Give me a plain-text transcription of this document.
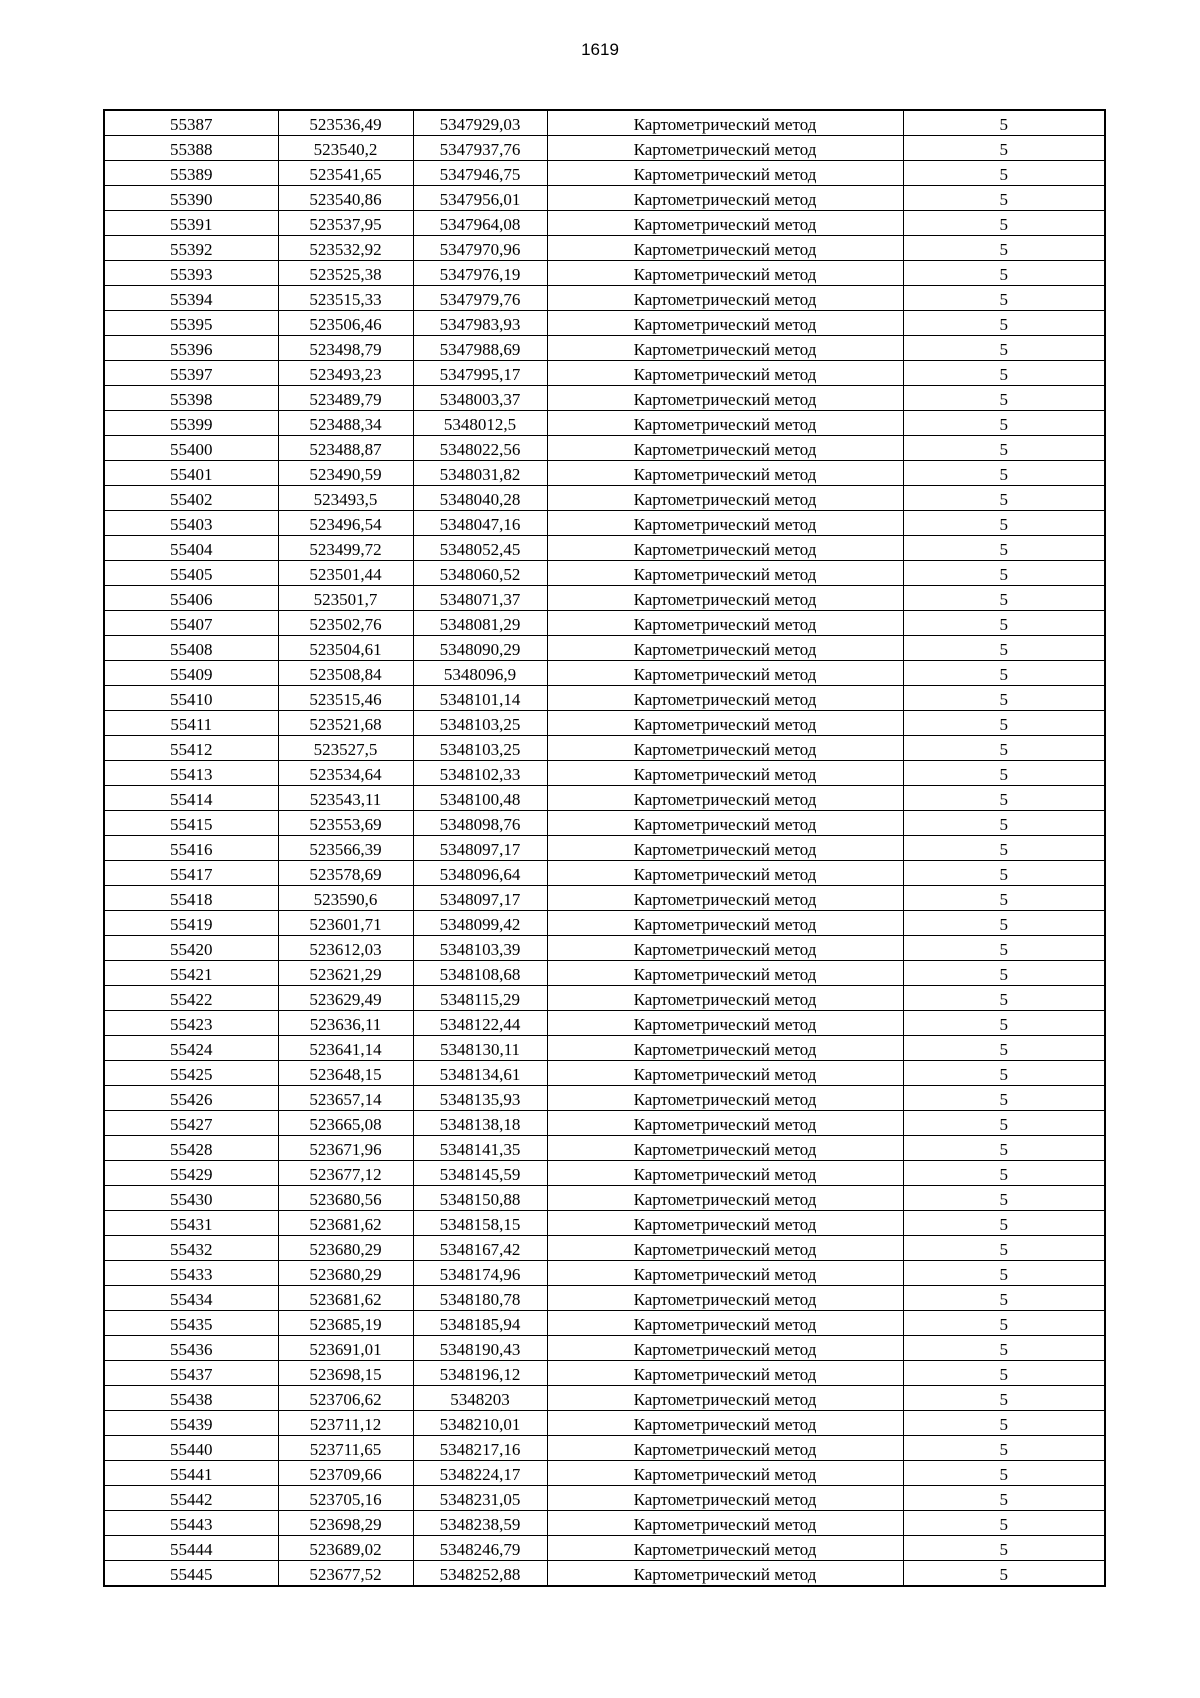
1619
55387	523536,49	5347929,03	Картометрический метод	5
55388	523540,2	5347937,76	Картометрический метод	5
55389	523541,65	5347946,75	Картометрический метод	5
55390	523540,86	5347956,01	Картометрический метод	5
55391	523537,95	5347964,08	Картометрический метод	5
55392	523532,92	5347970,96	Картометрический метод	5
55393	523525,38	5347976,19	Картометрический метод	5
55394	523515,33	5347979,76	Картометрический метод	5
55395	523506,46	5347983,93	Картометрический метод	5
55396	523498,79	5347988,69	Картометрический метод	5
55397	523493,23	5347995,17	Картометрический метод	5
55398	523489,79	5348003,37	Картометрический метод	5
55399	523488,34	5348012,5	Картометрический метод	5
55400	523488,87	5348022,56	Картометрический метод	5
55401	523490,59	5348031,82	Картометрический метод	5
55402	523493,5	5348040,28	Картометрический метод	5
55403	523496,54	5348047,16	Картометрический метод	5
55404	523499,72	5348052,45	Картометрический метод	5
55405	523501,44	5348060,52	Картометрический метод	5
55406	523501,7	5348071,37	Картометрический метод	5
55407	523502,76	5348081,29	Картометрический метод	5
55408	523504,61	5348090,29	Картометрический метод	5
55409	523508,84	5348096,9	Картометрический метод	5
55410	523515,46	5348101,14	Картометрический метод	5
55411	523521,68	5348103,25	Картометрический метод	5
55412	523527,5	5348103,25	Картометрический метод	5
55413	523534,64	5348102,33	Картометрический метод	5
55414	523543,11	5348100,48	Картометрический метод	5
55415	523553,69	5348098,76	Картометрический метод	5
55416	523566,39	5348097,17	Картометрический метод	5
55417	523578,69	5348096,64	Картометрический метод	5
55418	523590,6	5348097,17	Картометрический метод	5
55419	523601,71	5348099,42	Картометрический метод	5
55420	523612,03	5348103,39	Картометрический метод	5
55421	523621,29	5348108,68	Картометрический метод	5
55422	523629,49	5348115,29	Картометрический метод	5
55423	523636,11	5348122,44	Картометрический метод	5
55424	523641,14	5348130,11	Картометрический метод	5
55425	523648,15	5348134,61	Картометрический метод	5
55426	523657,14	5348135,93	Картометрический метод	5
55427	523665,08	5348138,18	Картометрический метод	5
55428	523671,96	5348141,35	Картометрический метод	5
55429	523677,12	5348145,59	Картометрический метод	5
55430	523680,56	5348150,88	Картометрический метод	5
55431	523681,62	5348158,15	Картометрический метод	5
55432	523680,29	5348167,42	Картометрический метод	5
55433	523680,29	5348174,96	Картометрический метод	5
55434	523681,62	5348180,78	Картометрический метод	5
55435	523685,19	5348185,94	Картометрический метод	5
55436	523691,01	5348190,43	Картометрический метод	5
55437	523698,15	5348196,12	Картометрический метод	5
55438	523706,62	5348203	Картометрический метод	5
55439	523711,12	5348210,01	Картометрический метод	5
55440	523711,65	5348217,16	Картометрический метод	5
55441	523709,66	5348224,17	Картометрический метод	5
55442	523705,16	5348231,05	Картометрический метод	5
55443	523698,29	5348238,59	Картометрический метод	5
55444	523689,02	5348246,79	Картометрический метод	5
55445	523677,52	5348252,88	Картометрический метод	5
